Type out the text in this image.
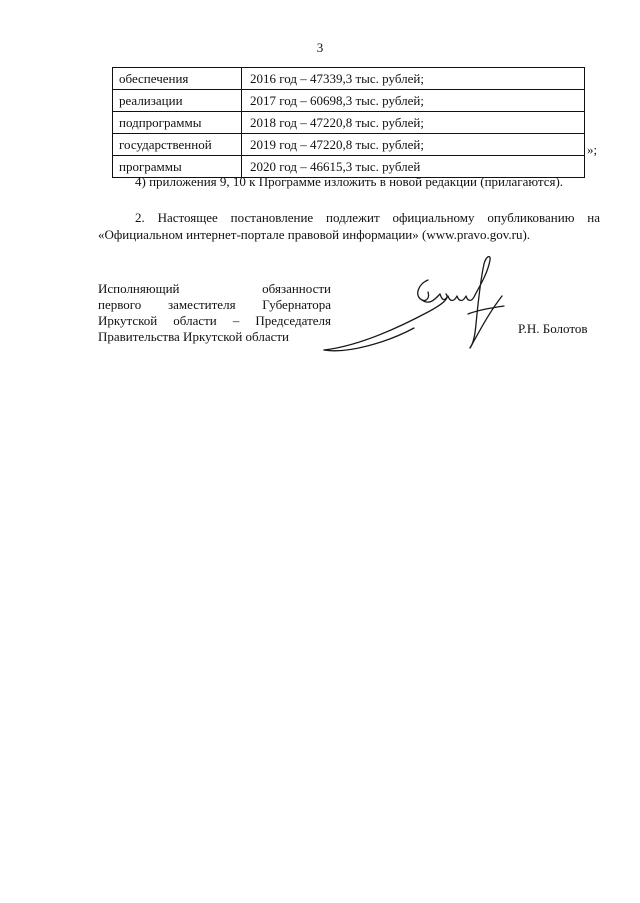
3
обеспечения	2016 год – 47339,3 тыс. рублей;
реализации	2017 год – 60698,3 тыс. рублей;
подпрограммы	2018 год – 47220,8 тыс. рублей;
государственной	2019 год – 47220,8 тыс. рублей;
программы	2020 год – 46615,3 тыс. рублей
»;

4) приложения 9, 10 к Программе изложить в новой редакции (прилагаются).

2. Настоящее постановление подлежит официальному опубликованию на «Официальном интернет-портале правовой информации» (www.pravo.gov.ru).

Исполняющий обязанности
первого заместителя Губернатора
Иркутской области – Председателя
Правительства Иркутской области
Р.Н. Болотов
